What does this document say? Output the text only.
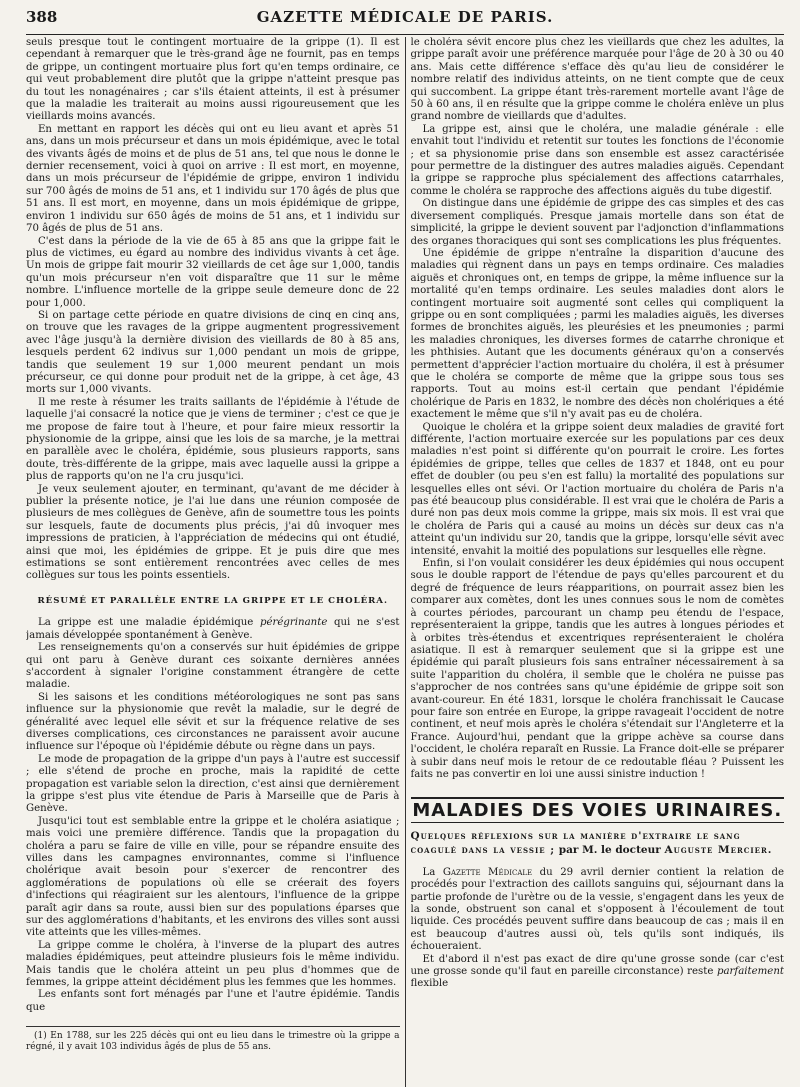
388	GAZETTE MÉDICALE DE PARIS.

seuls presque tout le contingent mortuaire de la grippe (1). Il est cependant à remarquer que le très-grand âge ne fournit, pas en temps de grippe, un contingent mortuaire plus fort qu'en temps ordinaire, ce qui veut probablement dire plutôt que la grippe n'atteint presque pas du tout les nonagénaires ; car s'ils étaient atteints, il est à présumer que la maladie les traiterait au moins aussi rigoureusement que les vieillards moins avancés.

En mettant en rapport les décès qui ont eu lieu avant et après 51 ans, dans un mois précurseur et dans un mois épidémique, avec le total des vivants âgés de moins et de plus de 51 ans, tel que nous le donne le dernier recensement, voici à quoi on arrive : Il est mort, en moyenne, dans un mois précurseur de l'épidémie de grippe, environ 1 individu sur 700 âgés de moins de 51 ans, et 1 individu sur 170 âgés de plus que 51 ans. Il est mort, en moyenne, dans un mois épidémique de grippe, environ 1 individu sur 650 âgés de moins de 51 ans, et 1 individu sur 70 âgés de plus de 51 ans.

C'est dans la période de la vie de 65 à 85 ans que la grippe fait le plus de victimes, eu égard au nombre des individus vivants à cet âge. Un mois de grippe fait mourir 32 vieillards de cet âge sur 1,000, tandis qu'un mois précurseur n'en voit disparaître que 11 sur le même nombre. L'influence mortelle de la grippe seule demeure donc de 22 pour 1,000.

Si on partage cette période en quatre divisions de cinq en cinq ans, on trouve que les ravages de la grippe augmentent progressivement avec l'âge jusqu'à la dernière division des vieillards de 80 à 85 ans, lesquels perdent 62 indivus sur 1,000 pendant un mois de grippe, tandis que seulement 19 sur 1,000 meurent pendant un mois précurseur, ce qui donne pour produit net de la grippe, à cet âge, 43 morts sur 1,000 vivants.

Il me reste à résumer les traits saillants de l'épidémie à l'étude de laquelle j'ai consacré la notice que je viens de terminer ; c'est ce que je me propose de faire tout à l'heure, et pour faire mieux ressortir la physionomie de la grippe, ainsi que les lois de sa marche, je la mettrai en parallèle avec le choléra, épidémie, sous plusieurs rapports, sans doute, très-différente de la grippe, mais avec laquelle aussi la grippe a plus de rapports qu'on ne l'a cru jusqu'ici.

Je veux seulement ajouter, en terminant, qu'avant de me décider à publier la présente notice, je l'ai lue dans une réunion composée de plusieurs de mes collègues de Genève, afin de soumettre tous les points sur lesquels, faute de documents plus précis, j'ai dû invoquer mes impressions de praticien, à l'appréciation de médecins qui ont étudié, ainsi que moi, les épidémies de grippe. Et je puis dire que mes estimations se sont entièrement rencontrées avec celles de mes collègues sur tous les points essentiels.

RÉSUMÉ ET PARALLÈLE ENTRE LA GRIPPE ET LE CHOLÉRA.

La grippe est une maladie épidémique pérégrinante qui ne s'est jamais développée spontanément à Genève.

Les renseignements qu'on a conservés sur huit épidémies de grippe qui ont paru à Genève durant ces soixante dernières années s'accordent à signaler l'origine constamment étrangère de cette maladie.

Si les saisons et les conditions météorologiques ne sont pas sans influence sur la physionomie que revêt la maladie, sur le degré de généralité avec lequel elle sévit et sur la fréquence relative de ses diverses complications, ces circonstances ne paraissent avoir aucune influence sur l'époque où l'épidémie débute ou règne dans un pays.

Le mode de propagation de la grippe d'un pays à l'autre est successif ; elle s'étend de proche en proche, mais la rapidité de cette propagation est variable selon la direction, c'est ainsi que dernièrement la grippe s'est plus vite étendue de Paris à Marseille que de Paris à Genève.

Jusqu'ici tout est semblable entre la grippe et le choléra asiatique ; mais voici une première différence. Tandis que la propagation du choléra a paru se faire de ville en ville, pour se répandre ensuite des villes dans les campagnes environnantes, comme si l'influence cholérique avait besoin pour s'exercer de rencontrer des agglomérations de populations où elle se créerait des foyers d'infections qui réagiraient sur les alentours, l'influence de la grippe paraît agir dans sa route, aussi bien sur des populations éparses que sur des agglomérations d'habitants, et les environs des villes sont aussi vite atteints que les villes-mêmes.

La grippe comme le choléra, à l'inverse de la plupart des autres maladies épidémiques, peut atteindre plusieurs fois le même individu. Mais tandis que le choléra atteint un peu plus d'hommes que de femmes, la grippe atteint décidément plus les femmes que les hommes.

Les enfants sont fort ménagés par l'une et l'autre épidémie. Tandis que

(1) En 1788, sur les 225 décès qui ont eu lieu dans le trimestre où la grippe a régné, il y avait 103 individus âgés de plus de 55 ans.

le choléra sévit encore plus chez les vieillards que chez les adultes, la grippe paraît avoir une préférence marquée pour l'âge de 20 à 30 ou 40 ans. Mais cette différence s'efface dès qu'au lieu de considérer le nombre relatif des individus atteints, on ne tient compte que de ceux qui succombent. La grippe étant très-rarement mortelle avant l'âge de 50 à 60 ans, il en résulte que la grippe comme le choléra enlève un plus grand nombre de vieillards que d'adultes.

La grippe est, ainsi que le choléra, une maladie générale : elle envahit tout l'individu et retentit sur toutes les fonctions de l'économie ; et sa physionomie prise dans son ensemble est assez caractérisée pour permettre de la distinguer des autres maladies aiguës. Cependant la grippe se rapproche plus spécialement des affections catarrhales, comme le choléra se rapproche des affections aiguës du tube digestif.

On distingue dans une épidémie de grippe des cas simples et des cas diversement compliqués. Presque jamais mortelle dans son état de simplicité, la grippe le devient souvent par l'adjonction d'inflammations des organes thoraciques qui sont ses complications les plus fréquentes.

Une épidémie de grippe n'entraîne la disparition d'aucune des maladies qui règnent dans un pays en temps ordinaire. Ces maladies aiguës et chroniques ont, en temps de grippe, la même influence sur la mortalité qu'en temps ordinaire. Les seules maladies dont alors le contingent mortuaire soit augmenté sont celles qui compliquent la grippe ou en sont compliquées ; parmi les maladies aiguës, les diverses formes de bronchites aiguës, les pleurésies et les pneumonies ; parmi les maladies chroniques, les diverses formes de catarrhe chronique et les phthisies. Autant que les documents généraux qu'on a conservés permettent d'apprécier l'action mortuaire du choléra, il est à présumer que le choléra se comporte de même que la grippe sous tous ses rapports. Tout au moins est-il certain que pendant l'épidémie cholérique de Paris en 1832, le nombre des décès non cholériques a été exactement le même que s'il n'y avait pas eu de choléra.

Quoique le choléra et la grippe soient deux maladies de gravité fort différente, l'action mortuaire exercée sur les populations par ces deux maladies n'est point si différente qu'on pourrait le croire. Les fortes épidémies de grippe, telles que celles de 1837 et 1848, ont eu pour effet de doubler (ou peu s'en est fallu) la mortalité des populations sur lesquelles elles ont sévi. Or l'action mortuaire du choléra de Paris n'a pas été beaucoup plus considérable. Il est vrai que le choléra de Paris a duré non pas deux mois comme la grippe, mais six mois. Il est vrai que le choléra de Paris qui a causé au moins un décès sur deux cas n'a atteint qu'un individu sur 20, tandis que la grippe, lorsqu'elle sévit avec intensité, envahit la moitié des populations sur lesquelles elle règne.

Enfin, si l'on voulait considérer les deux épidémies qui nous occupent sous le double rapport de l'étendue de pays qu'elles parcourent et du degré de fréquence de leurs réapparitions, on pourrait assez bien les comparer aux comètes, dont les unes connues sous le nom de comètes à courtes périodes, parcourant un champ peu étendu de l'espace, représenteraient la grippe, tandis que les autres à longues périodes et à orbites très-étendus et excentriques représenteraient le choléra asiatique. Il est à remarquer seulement que si la grippe est une épidémie qui paraît plusieurs fois sans entraîner nécessairement à sa suite l'apparition du choléra, il semble que le choléra ne puisse pas s'approcher de nos contrées sans qu'une épidémie de grippe soit son avant-coureur. En été 1831, lorsque le choléra franchissait le Caucase pour faire son entrée en Europe, la grippe ravageait l'occident de notre continent, et neuf mois après le choléra s'étendait sur l'Angleterre et la France. Aujourd'hui, pendant que la grippe achève sa course dans l'occident, le choléra reparaît en Russie. La France doit-elle se préparer à subir dans neuf mois le retour de ce redoutable fléau ? Puissent les faits ne pas convertir en loi une aussi sinistre induction !

MALADIES DES VOIES URINAIRES.
Quelques réflexions sur la manière d'extraire le sang coagulé dans la vessie ; par M. le docteur Auguste Mercier.

La Gazette Médicale du 29 avril dernier contient la relation de procédés pour l'extraction des caillots sanguins qui, séjournant dans la partie profonde de l'urètre ou de la vessie, s'engagent dans les yeux de la sonde, obstruent son canal et s'opposent à l'écoulement de tout liquide. Ces procédés peuvent suffire dans beaucoup de cas ; mais il en est beaucoup d'autres aussi où, tels qu'ils sont indiqués, ils échoueraient.

Et d'abord il n'est pas exact de dire qu'une grosse sonde (car c'est une grosse sonde qu'il faut en pareille circonstance) reste parfaitement flexible
